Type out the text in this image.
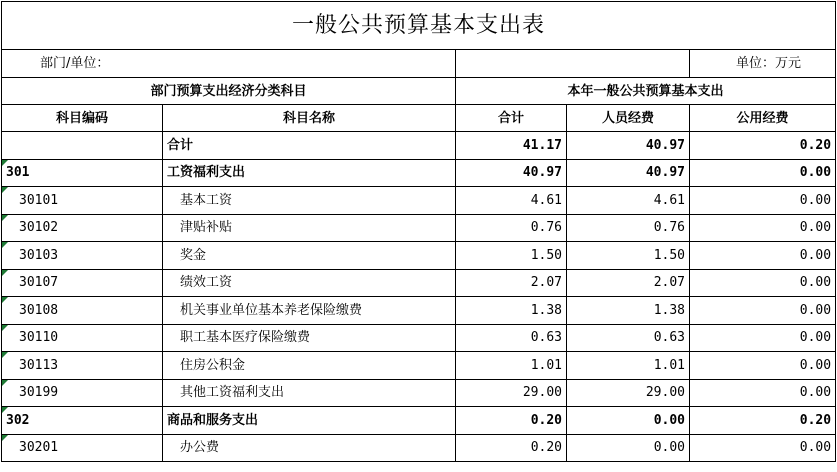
一般公共预算基本支出表				
部门/单位：				单位：万元
部门预算支出经济分类科目		本年一般公共预算基本支出		
科目编码	科目名称	合计	人员经费	公用经费
	合计	41.17	40.97	0.20
301	工资福利支出	40.97	40.97	0.00
30101	基本工资	4.61	4.61	0.00
30102	津贴补贴	0.76	0.76	0.00
30103	奖金	1.50	1.50	0.00
30107	绩效工资	2.07	2.07	0.00
30108	机关事业单位基本养老保险缴费	1.38	1.38	0.00
30110	职工基本医疗保险缴费	0.63	0.63	0.00
30113	住房公积金	1.01	1.01	0.00
30199	其他工资福利支出	29.00	29.00	0.00
302	商品和服务支出	0.20	0.00	0.20
30201	办公费	0.20	0.00	0.00
